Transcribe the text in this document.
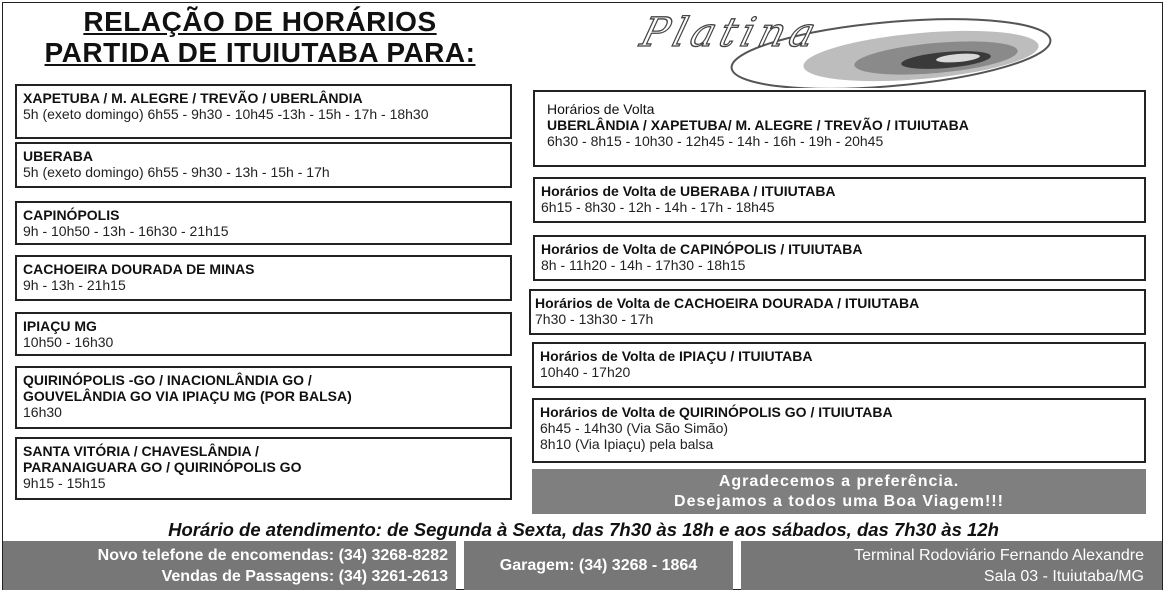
RELAÇÃO DE HORÁRIOS
PARTIDA DE ITUIUTABA PARA:	Platina
XAPETUBA / M. ALEGRE / TREVÃO / UBERLÂNDIA
5h (exeto domingo) 6h55 - 9h30 - 10h45 -13h - 15h - 17h - 18h30
UBERABA
5h (exeto domingo) 6h55 - 9h30 - 13h - 15h - 17h
CAPINÓPOLIS
9h - 10h50 - 13h - 16h30 - 21h15
CACHOEIRA DOURADA DE MINAS
9h - 13h - 21h15
IPIAÇU MG
10h50 - 16h30
QUIRINÓPOLIS -GO / INACIONLÂNDIA GO /
GOUVELÂNDIA GO VIA IPIAÇU MG (POR BALSA)
16h30
SANTA VITÓRIA / CHAVESLÂNDIA /
PARANAIGUARA GO / QUIRINÓPOLIS GO
9h15 - 15h15
Horários de Volta
UBERLÂNDIA / XAPETUBA/ M. ALEGRE / TREVÃO / ITUIUTABA
6h30 - 8h15 - 10h30 - 12h45 - 14h - 16h - 19h - 20h45
Horários de Volta de UBERABA / ITUIUTABA
6h15 - 8h30 - 12h - 14h - 17h - 18h45
Horários de Volta de CAPINÓPOLIS / ITUIUTABA
8h - 11h20 - 14h - 17h30 - 18h15
Horários de Volta de CACHOEIRA DOURADA / ITUIUTABA
7h30 - 13h30 - 17h
Horários de Volta de IPIAÇU / ITUIUTABA
10h40 - 17h20
Horários de Volta de QUIRINÓPOLIS GO / ITUIUTABA
6h45 - 14h30 (Via São Simão)
8h10 (Via Ipiaçu) pela balsa
Agradecemos a preferência.
Desejamos a todos uma Boa Viagem!!!
Horário de atendimento: de Segunda à Sexta, das 7h30 às 18h e aos sábados, das 7h30 às 12h
Novo telefone de encomendas: (34) 3268-8282
Vendas de Passagens: (34) 3261-2613
Garagem: (34) 3268 - 1864
Terminal Rodoviário Fernando Alexandre
Sala 03 - Ituiutaba/MG
